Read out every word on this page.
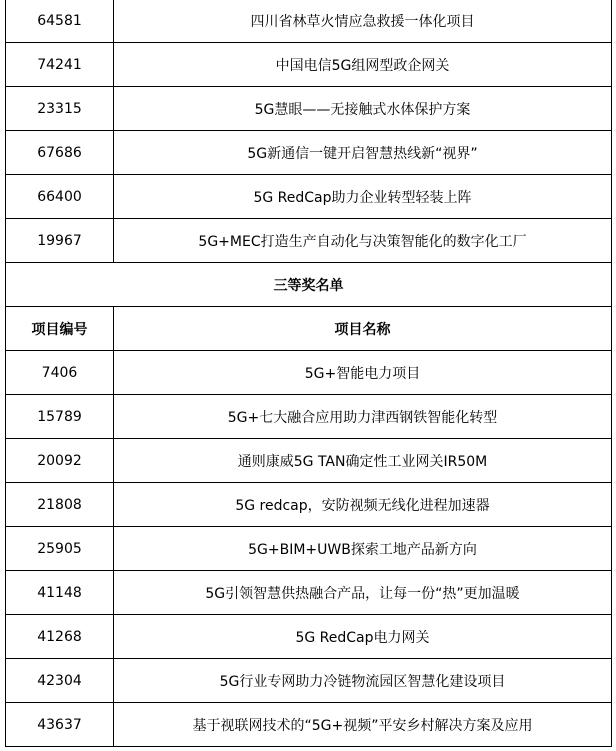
64581	四川省林草火情应急救援一体化项目
74241	中国电信5G组网型政企网关
23315	5G慧眼——无接触式水体保护方案
67686	5G新通信一键开启智慧热线新“视界”
66400	5G RedCap助力企业转型轻装上阵
19967	5G+MEC打造生产自动化与决策智能化的数字化工厂
三等奖名单	
项目编号	项目名称
7406	5G+智能电力项目
15789	5G+七大融合应用助力津西钢铁智能化转型
20092	通则康威5G TAN确定性工业网关IR50M
21808	5G redcap，安防视频无线化进程加速器
25905	5G+BIM+UWB探索工地产品新方向
41148	5G引领智慧供热融合产品，让每一份“热”更加温暖
41268	5G RedCap电力网关
42304	5G行业专网助力冷链物流园区智慧化建设项目
43637	基于视联网技术的“5G+视频”平安乡村解决方案及应用
